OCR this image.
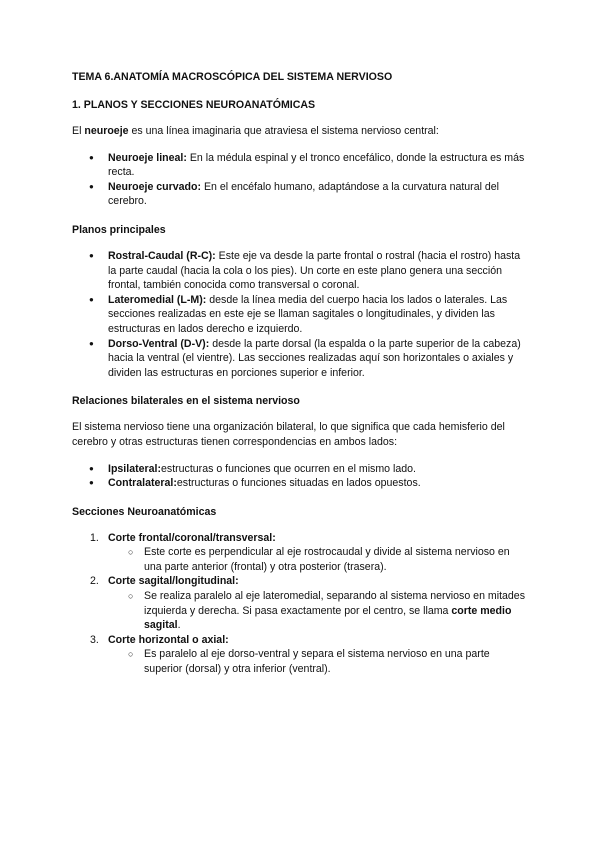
TEMA 6.ANATOMÍA MACROSCÓPICA DEL SISTEMA NERVIOSO
1. PLANOS Y SECCIONES NEUROANATÓMICAS

El neuroeje es una línea imaginaria que atraviesa el sistema nervioso central:

● Neuroeje lineal: En la médula espinal y el tronco encefálico, donde la estructura es más recta.
● Neuroeje curvado: En el encéfalo humano, adaptándose a la curvatura natural del cerebro.
Planos principales
● Rostral-Caudal (R-C): Este eje va desde la parte frontal o rostral (hacia el rostro) hasta la parte caudal (hacia la cola o los pies). Un corte en este plano genera una sección frontal, también conocida como transversal o coronal.
● Lateromedial (L-M): desde la línea media del cuerpo hacia los lados o laterales. Las secciones realizadas en este eje se llaman sagitales o longitudinales, y dividen las estructuras en lados derecho e izquierdo.
● Dorso-Ventral (D-V): desde la parte dorsal (la espalda o la parte superior de la cabeza) hacia la ventral (el vientre). Las secciones realizadas aquí son horizontales o axiales y dividen las estructuras en porciones superior e inferior.
Relaciones bilaterales en el sistema nervioso

El sistema nervioso tiene una organización bilateral, lo que significa que cada hemisferio del cerebro y otras estructuras tienen correspondencias en ambos lados:

● Ipsilateral:estructuras o funciones que ocurren en el mismo lado.
● Contralateral:estructuras o funciones situadas en lados opuestos.
Secciones Neuroanatómicas
1. Corte frontal/coronal/transversal:
○ Este corte es perpendicular al eje rostrocaudal y divide al sistema nervioso en una parte anterior (frontal) y otra posterior (trasera).
2. Corte sagital/longitudinal:
○ Se realiza paralelo al eje lateromedial, separando al sistema nervioso en mitades izquierda y derecha. Si pasa exactamente por el centro, se llama corte medio sagital.
3. Corte horizontal o axial:
○ Es paralelo al eje dorso-ventral y separa el sistema nervioso en una parte superior (dorsal) y otra inferior (ventral).
